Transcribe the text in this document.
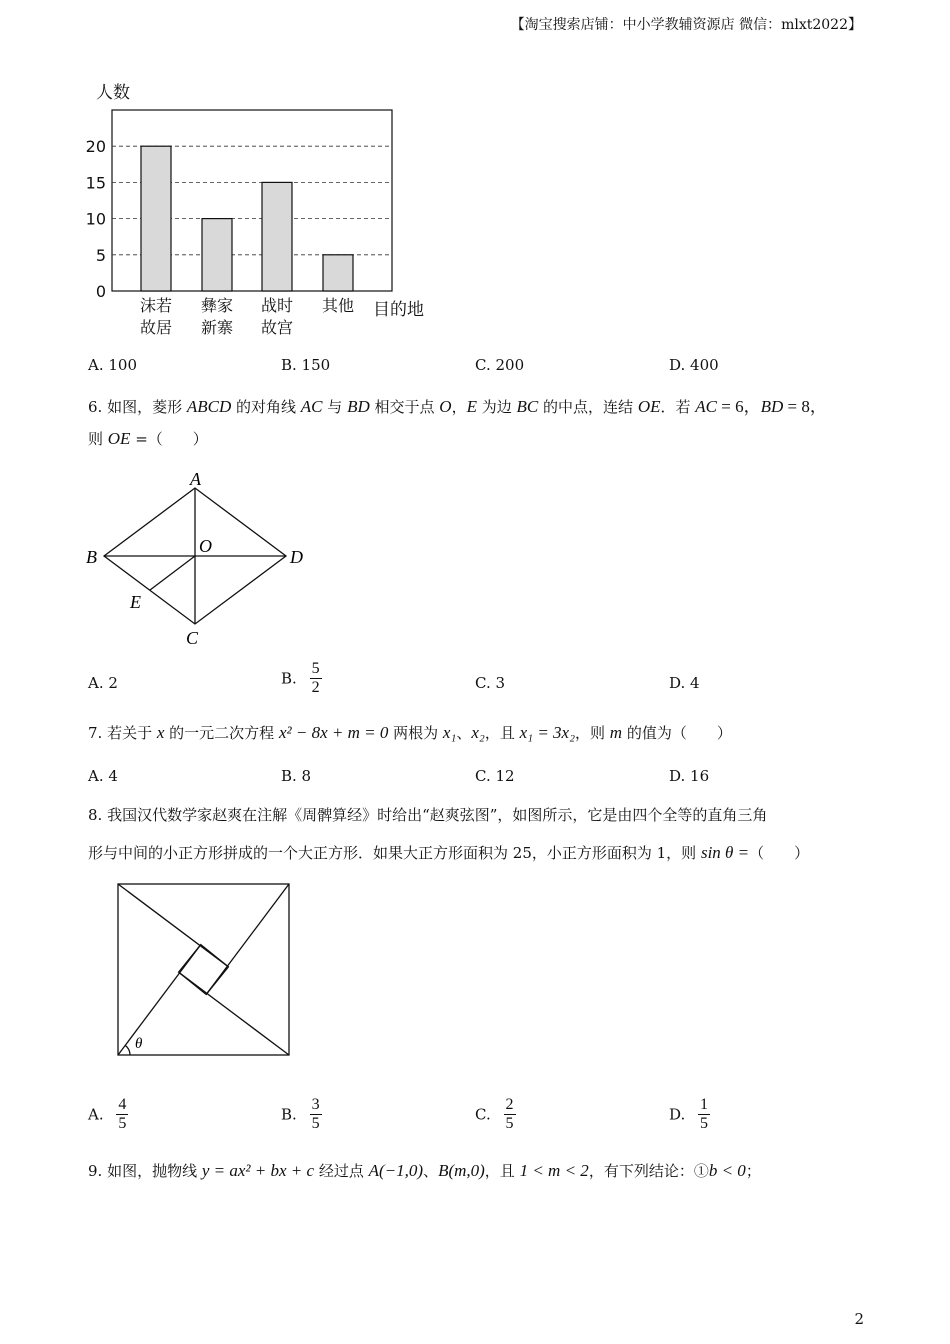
【淘宝搜索店铺：中小学教辅资源店 微信：mlxt2022】
0
5
10
15
20
人数
沫若
故居
彝家
新寨
战时
故宫
其他 目的地
A. 100	B. 150	C. 200	D. 400
6. 如图，菱形 ABCD 的对角线 AC 与 BD 相交于点 O，E 为边 BC 的中点，连结 OE．若 AC = 6，BD = 8，
则 OE =（　　）
A
B
C
D
O
E
A. 2	B. $\frac{5}{2}$	C. 3	D. 4
7. 若关于 x 的一元二次方程 x² − 8x + m = 0 两根为 x₁、x₂，且 x₁ = 3x₂，则 m 的值为（　　）
A. 4	B. 8	C. 12	D. 16
8. 我国汉代数学家赵爽在注解《周髀算经》时给出“赵爽弦图”，如图所示，它是由四个全等的直角三角
形与中间的小正方形拼成的一个大正方形．如果大正方形面积为 25，小正方形面积为 1，则 sin θ =（　　）
θ
A. $\frac{4}{5}$	B. $\frac{3}{5}$	C. $\frac{2}{5}$	D. $\frac{1}{5}$
9. 如图，抛物线 y = ax² + bx + c 经过点 A(−1,0)、B(m,0)，且 1 < m < 2，有下列结论：①b < 0；
2
